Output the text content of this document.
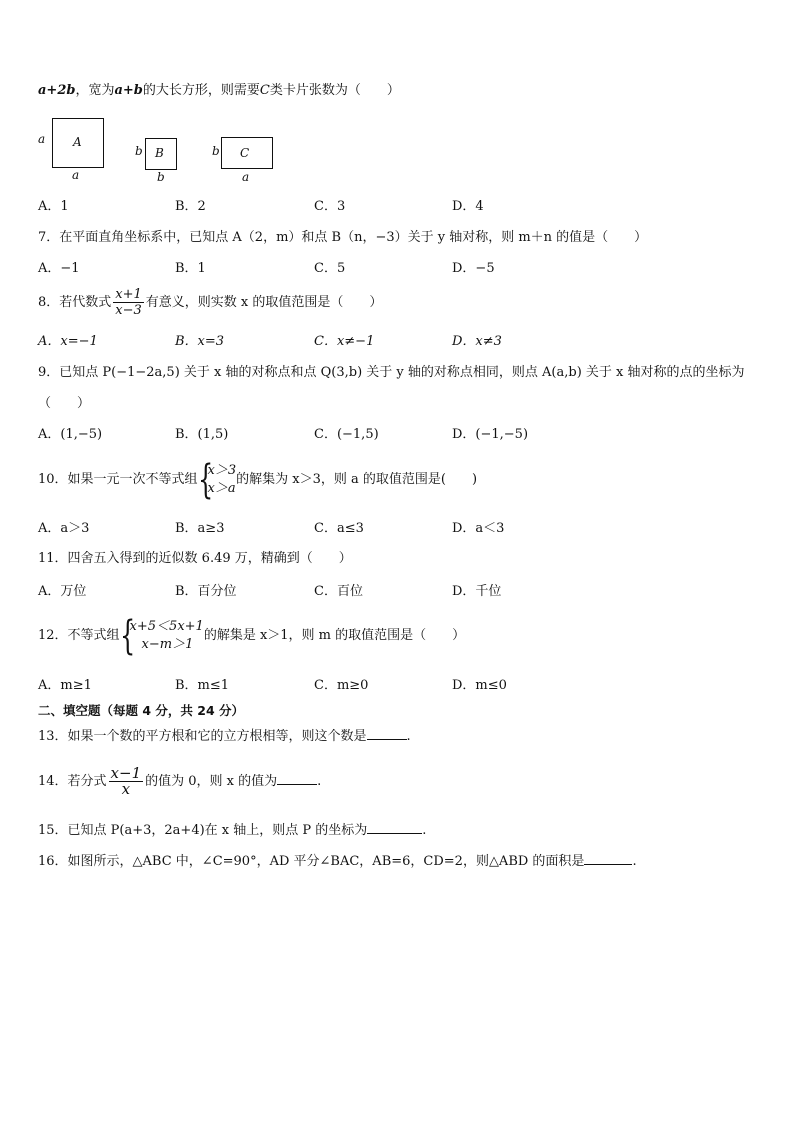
a+2b，宽为a+b的大长方形，则需要C类卡片张数为（　　）
a A
a
b B
b
b C
a
A．1	B．2	C．3	D．4
7．在平面直角坐标系中，已知点 A（2，m）和点 B（n，−3）关于 y 轴对称，则 m＋n 的值是（　　）
A．−1	B．1	C．5	D．−5
8．若代数式 $\frac{x+1}{x-3}$ 有意义，则实数 x 的取值范围是（　　）
A．x=−1	B．x=3	C．x≠−1	D．x≠3
9．已知点 P(−1−2a,5) 关于 x 轴的对称点和点 Q(3,b) 关于 y 轴的对称点相同，则点 A(a,b) 关于 x 轴对称的点的坐标为
（　　）
A．(1,−5)	B．(1,5)	C．(−1,5)	D．(−1,−5)
10．如果一元一次不等式组 {
x＞3
x＞a
的解集为 x＞3，则 a 的取值范围是(　　)
A．a＞3	B．a≥3	C．a≤3	D．a＜3
11．四舍五入得到的近似数 6.49 万，精确到（　　）
A．万位	B．百分位	C．百位	D．千位
12．不等式组 {
x+5＜5x+1
x−m＞1
的解集是 x＞1，则 m 的取值范围是（　　）
A．m≥1	B．m≤1	C．m≥0	D．m≤0
二、填空题（每题 4 分，共 24 分）
13．如果一个数的平方根和它的立方根相等，则这个数是	.
14．若分式 $\frac{x-1}{x}$ 的值为 0，则 x 的值为	.
15．已知点 P(a+3，2a+4)在 x 轴上，则点 P 的坐标为	.
16．如图所示，△ABC 中，∠C=90°，AD 平分∠BAC，AB=6，CD=2，则△ABD 的面积是	.
